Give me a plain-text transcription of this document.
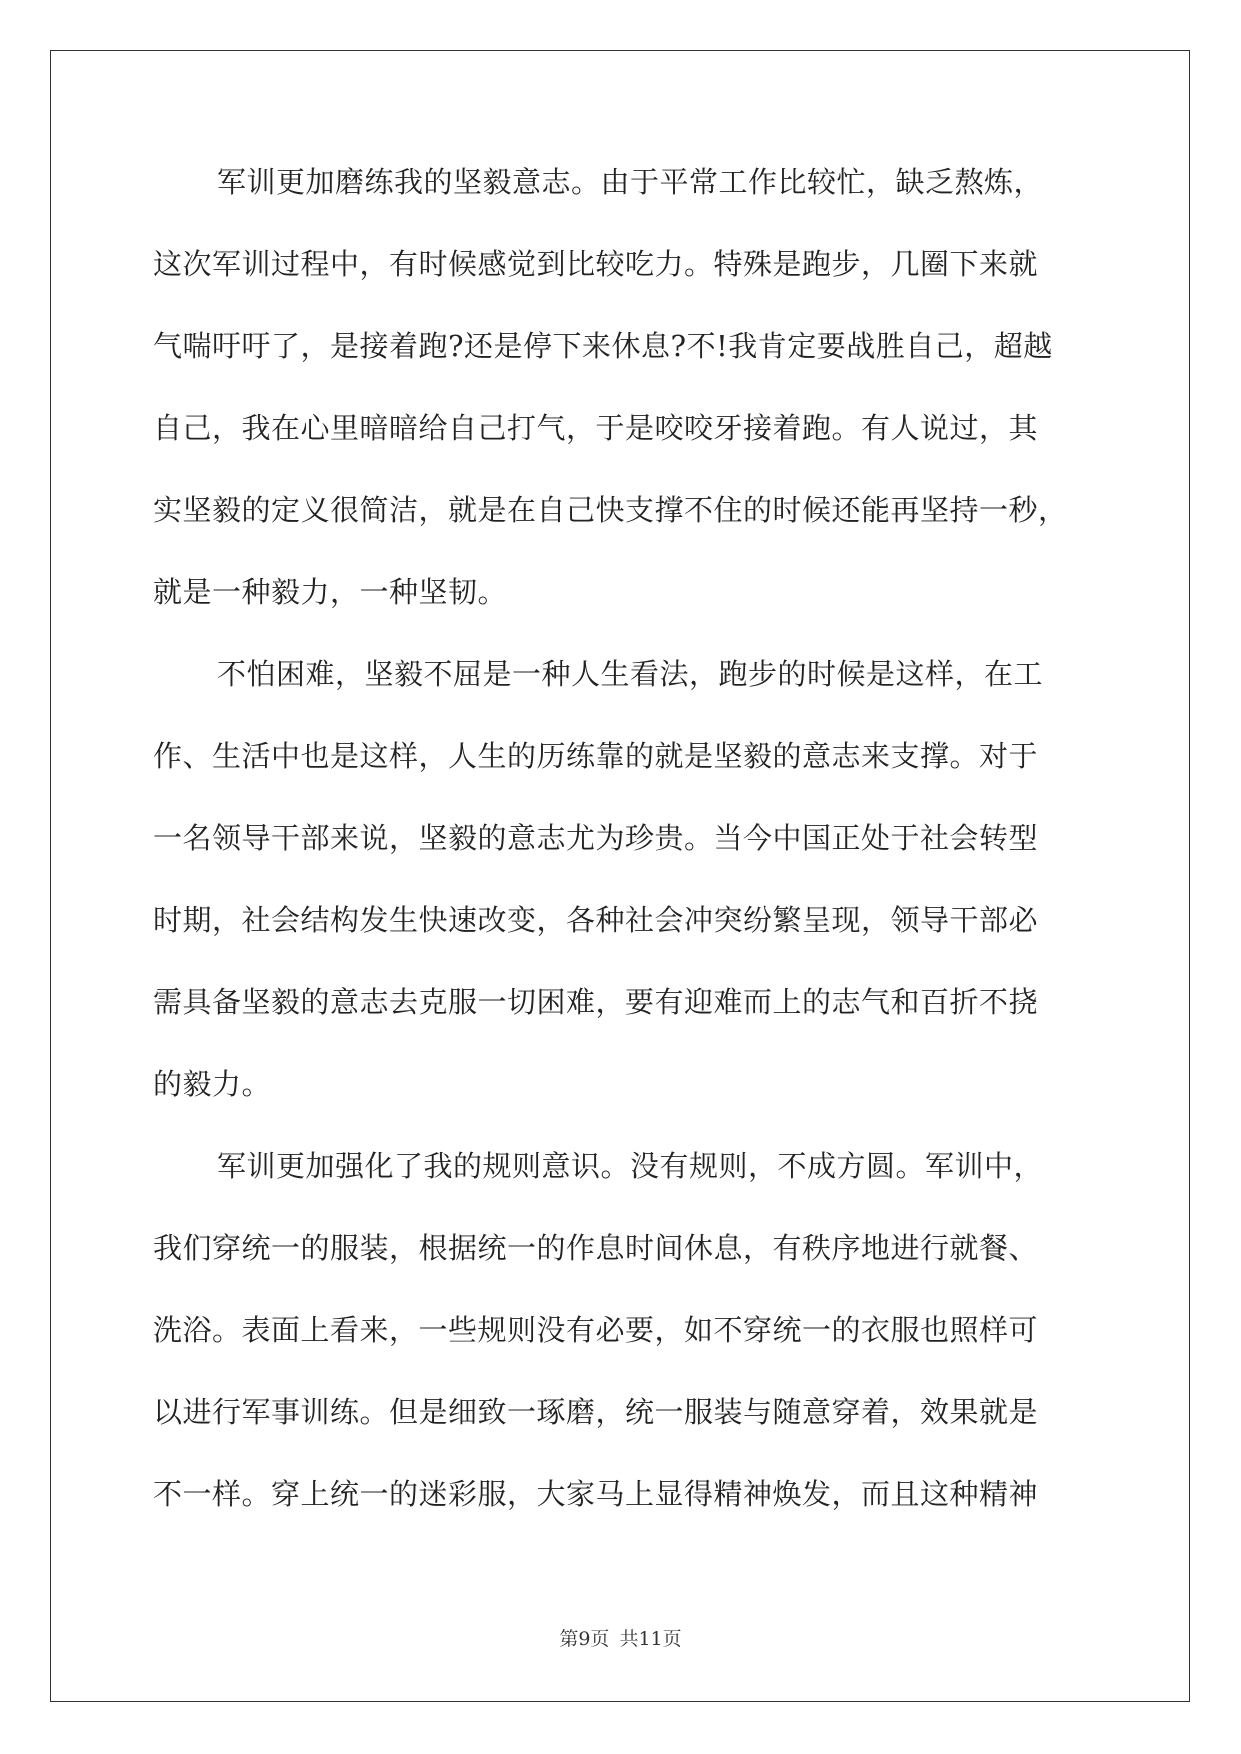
军训更加磨练我的坚毅意志。由于平常工作比较忙，缺乏熬炼，
这次军训过程中，有时候感觉到比较吃力。特殊是跑步，几圈下来就
气喘吁吁了，是接着跑?还是停下来休息?不!我肯定要战胜自己，超越
自己，我在心里暗暗给自己打气，于是咬咬牙接着跑。有人说过，其
实坚毅的定义很简洁，就是在自己快支撑不住的时候还能再坚持一秒，
就是一种毅力，一种坚韧。

不怕困难，坚毅不屈是一种人生看法，跑步的时候是这样，在工
作、生活中也是这样，人生的历练靠的就是坚毅的意志来支撑。对于
一名领导干部来说，坚毅的意志尤为珍贵。当今中国正处于社会转型
时期，社会结构发生快速改变，各种社会冲突纷繁呈现，领导干部必
需具备坚毅的意志去克服一切困难，要有迎难而上的志气和百折不挠
的毅力。

军训更加强化了我的规则意识。没有规则，不成方圆。军训中，
我们穿统一的服装，根据统一的作息时间休息，有秩序地进行就餐、
洗浴。表面上看来，一些规则没有必要，如不穿统一的衣服也照样可
以进行军事训练。但是细致一琢磨，统一服装与随意穿着，效果就是
不一样。穿上统一的迷彩服，大家马上显得精神焕发，而且这种精神

第9页 共11页
